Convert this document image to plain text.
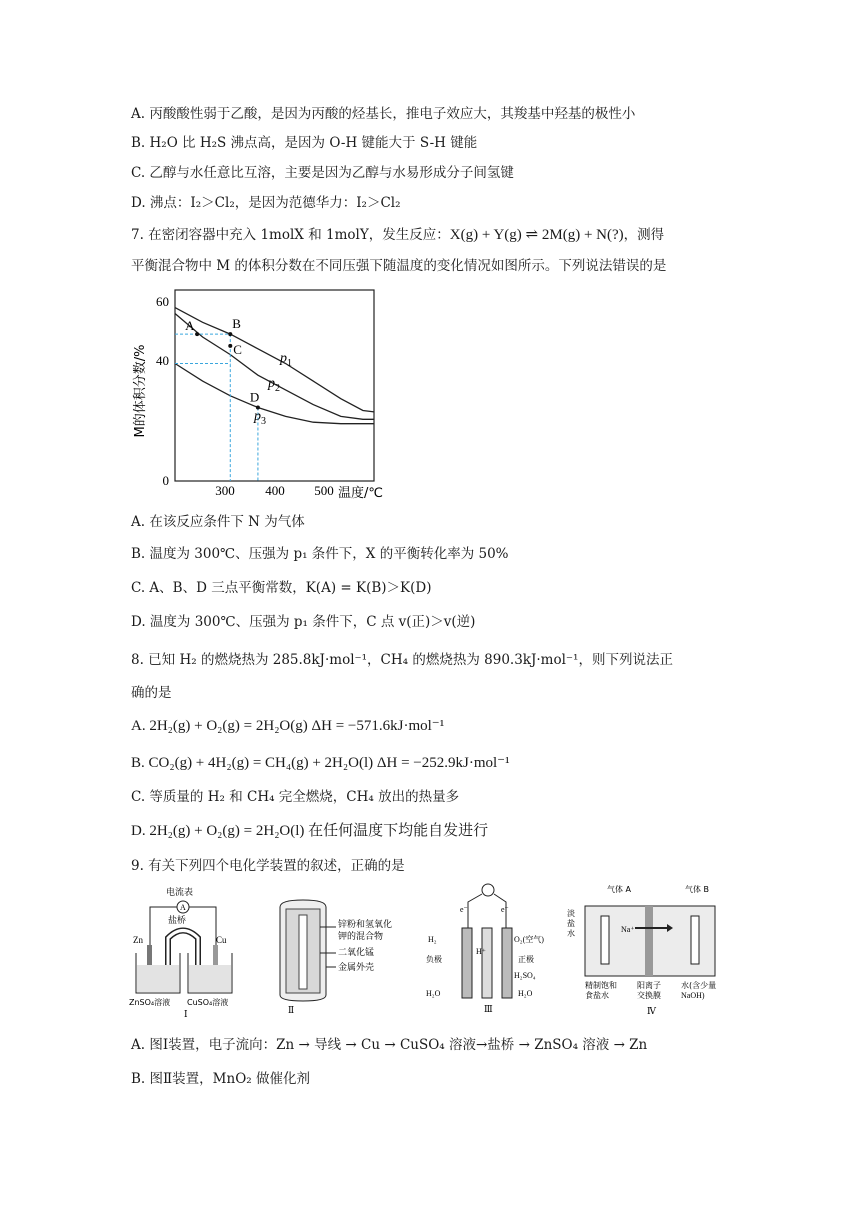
A. 丙酸酸性弱于乙酸，是因为丙酸的烃基长，推电子效应大，其羧基中羟基的极性小
B. H₂O 比 H₂S 沸点高，是因为 O-H 键能大于 S-H 键能
C. 乙醇与水任意比互溶，主要是因为乙醇与水易形成分子间氢键
D. 沸点：I₂＞Cl₂，是因为范德华力：I₂＞Cl₂
7. 在密闭容器中充入 1molX 和 1molY，发生反应：X(g) + Y(g) ⇌ 2M(g) + N(?)，测得
平衡混合物中 M 的体积分数在不同压强下随温度的变化情况如图所示。下列说法错误的是
M的体积分数/%
温度/℃
0
40
60
300 400 500
A	B
C
D
$p_1$
$p_2$
$p_3$
A. 在该反应条件下 N 为气体
B. 温度为 300℃、压强为 p₁ 条件下，X 的平衡转化率为 50%
C. A、B、D 三点平衡常数，K(A) = K(B)＞K(D)
D. 温度为 300℃、压强为 p₁ 条件下，C 点 v(正)＞v(逆)
8. 已知 H₂ 的燃烧热为 285.8kJ·mol⁻¹，CH₄ 的燃烧热为 890.3kJ·mol⁻¹，则下列说法正
确的是
A. 2H₂(g) + O₂(g) = 2H₂O(g) ΔH = −571.6kJ·mol⁻¹
B. CO₂(g) + 4H₂(g) = CH₄(g) + 2H₂O(l) ΔH = −252.9kJ·mol⁻¹
C. 等质量的 H₂ 和 CH₄ 完全燃烧，CH₄ 放出的热量多
D. 2H₂(g) + O₂(g) = 2H₂O(l) 在任何温度下均能自发进行
9. 有关下列四个电化学装置的叙述，正确的是
电流表
A
盐桥
Zn	Cu
ZnSO₄溶液 CuSO₄溶液
Ⅰ
锌粉和氢氧化
钾的混合物
二氧化锰
金属外壳
Ⅱ
e⁻	e⁻
H₂	O₂(空气)
负极
H⁺
正极
H₂SO₄
H₂O	H₂O
Ⅲ
气体 A	气体 B
Na⁺
淡
盐
水
精制饱和
食盐水
阳离子
交换膜
水(含少量
NaOH)
Ⅳ
A. 图Ⅰ装置，电子流向：Zn → 导线 → Cu → CuSO₄ 溶液→盐桥 → ZnSO₄ 溶液 → Zn
B. 图Ⅱ装置，MnO₂ 做催化剂
